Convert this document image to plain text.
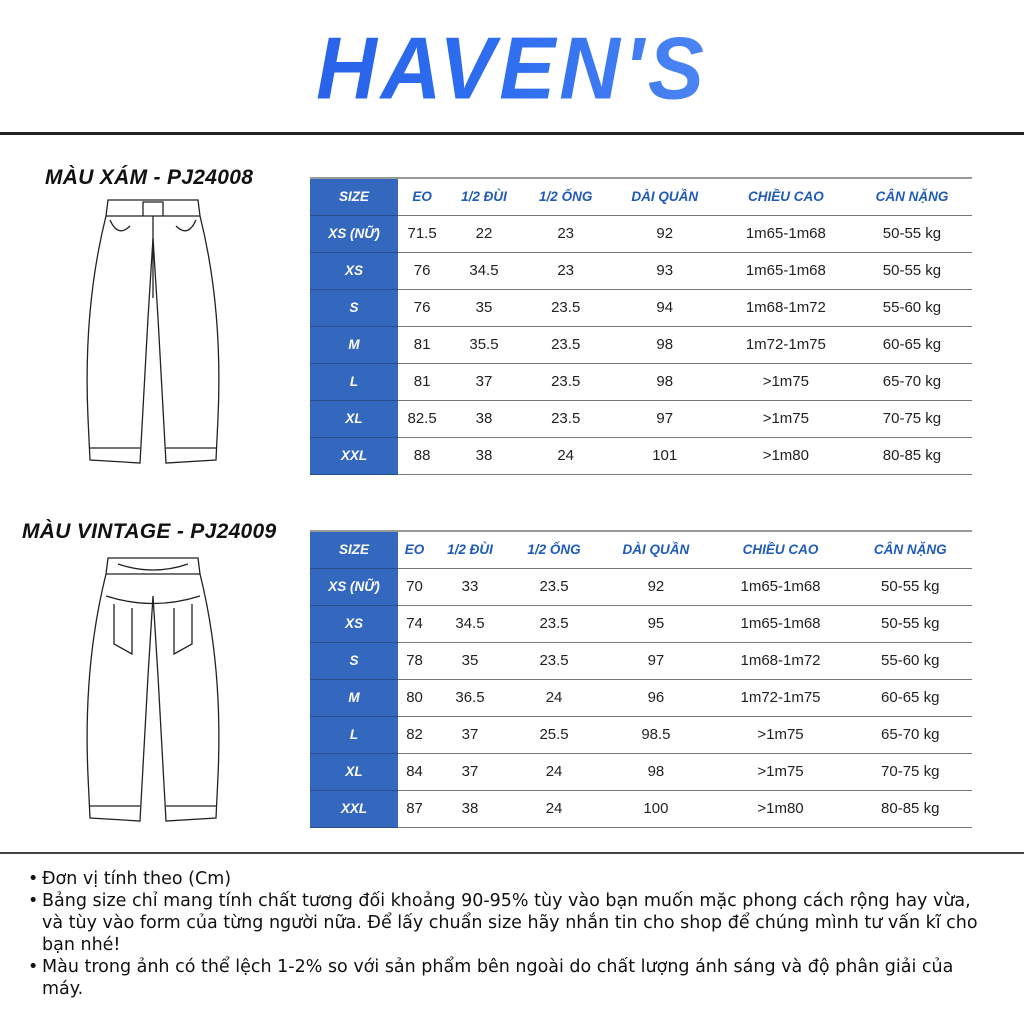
HAVEN'S
MÀU XÁM - PJ24008
SIZE	EO	1/2 ĐÙI	1/2 ỐNG	DÀI QUẦN	CHIỀU CAO	CÂN NẶNG
XS (NỮ)	71.5	22	23	92	1m65-1m68	50-55 kg
XS	76	34.5	23	93	1m65-1m68	50-55 kg
S	76	35	23.5	94	1m68-1m72	55-60 kg
M	81	35.5	23.5	98	1m72-1m75	60-65 kg
L	81	37	23.5	98	>1m75	65-70 kg
XL	82.5	38	23.5	97	>1m75	70-75 kg
XXL	88	38	24	101	>1m80	80-85 kg
MÀU VINTAGE - PJ24009
SIZE	EO	1/2 ĐÙI	1/2 ỐNG	DÀI QUẦN	CHIỀU CAO	CÂN NẶNG
XS (NỮ)	70	33	23.5	92	1m65-1m68	50-55 kg
XS	74	34.5	23.5	95	1m65-1m68	50-55 kg
S	78	35	23.5	97	1m68-1m72	55-60 kg
M	80	36.5	24	96	1m72-1m75	60-65 kg
L	82	37	25.5	98.5	>1m75	65-70 kg
XL	84	37	24	98	>1m75	70-75 kg
XXL	87	38	24	100	>1m80	80-85 kg
• Đơn vị tính theo (Cm)
• Bảng size chỉ mang tính chất tương đối khoảng 90-95% tùy vào bạn muốn mặc phong cách rộng hay vừa, và tùy vào form của từng người nữa. Để lấy chuẩn size hãy nhắn tin cho shop để chúng mình tư vấn kĩ cho bạn nhé!
• Màu trong ảnh có thể lệch 1-2% so với sản phẩm bên ngoài do chất lượng ánh sáng và độ phân giải của máy.
